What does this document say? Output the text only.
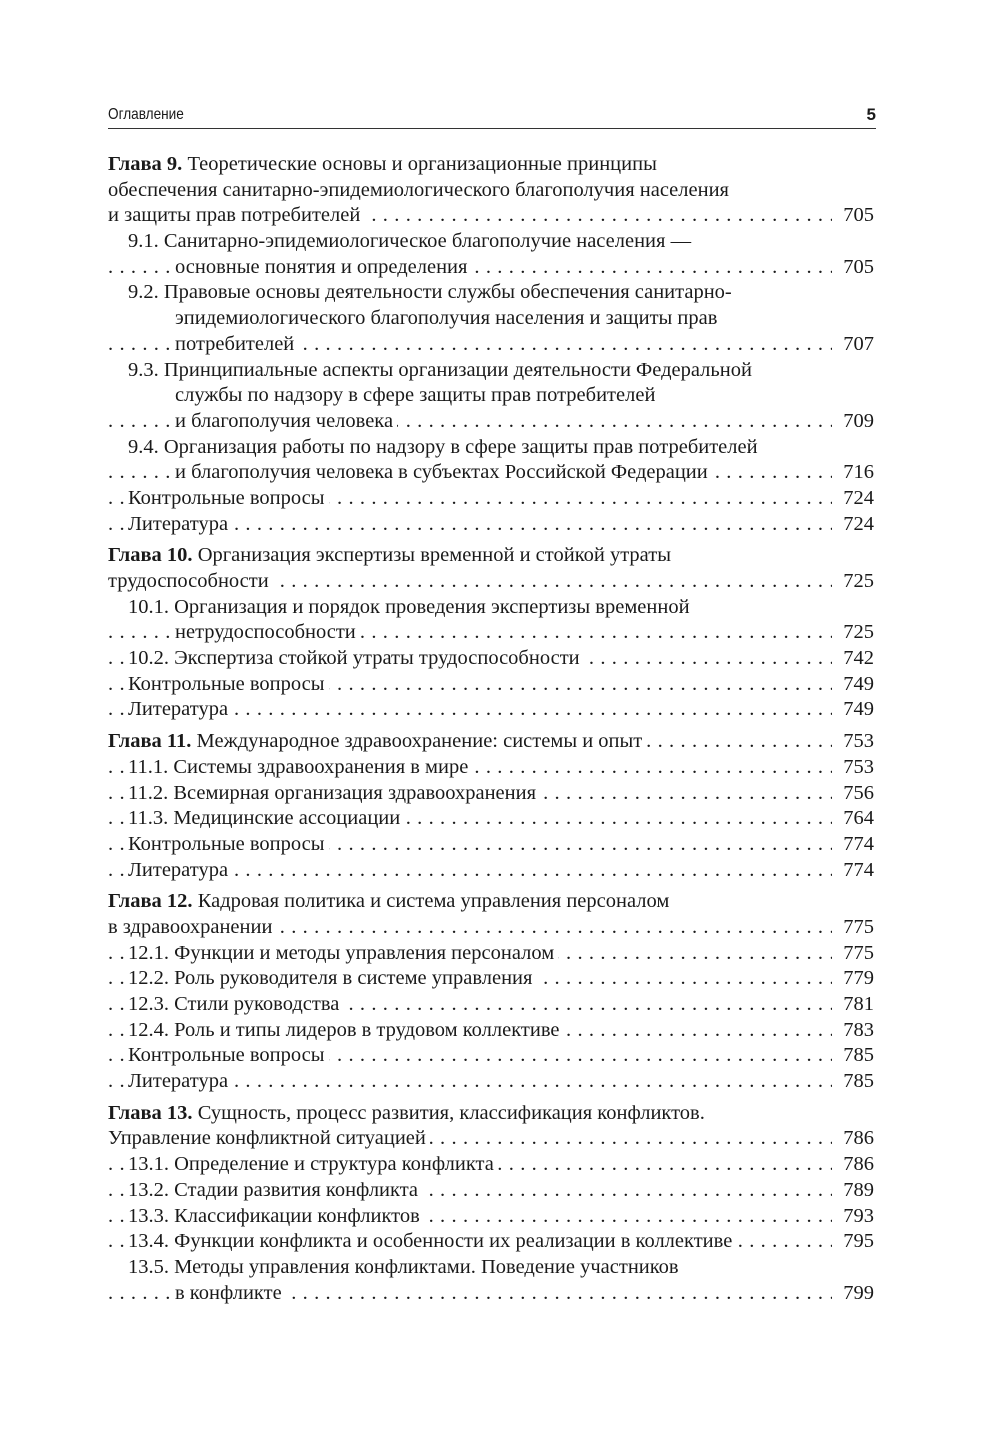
Оглавление	5
Глава 9. Теоретические основы и организационные принципы
обеспечения санитарно-эпидемиологического благополучия населения
и защиты прав потребителей	705
. . .
9.1. Санитарно-эпидемиологическое благополучие населения —
основные понятия и определения	705
. . .
9.2. Правовые основы деятельности службы обеспечения санитарно-
эпидемиологического благополучия населения и защиты прав
потребителей	707
. . .
9.3. Принципиальные аспекты организации деятельности Федеральной
службы по надзору в сфере защиты прав потребителей
и благополучия человека	709
. . .
9.4. Организация работы по надзору в сфере защиты прав потребителей
и благополучия человека в субъектах Российской Федерации	716
. . .
Контрольные вопросы	724
. . .
Литература	724
. . .
Глава 10. Организация экспертизы временной и стойкой утраты
трудоспособности	725
. . .
10.1. Организация и порядок проведения экспертизы временной
нетрудоспособности	725
. . .
10.2. Экспертиза стойкой утраты трудоспособности	742
. . .
Контрольные вопросы	749
. . .
Литература	749
. . .
Глава 11. Международное здравоохранение: системы и опыт	753
. . .
11.1. Системы здравоохранения в мире	753
. . .
11.2. Всемирная организация здравоохранения	756
. . .
11.3. Медицинские ассоциации	764
. . .
Контрольные вопросы	774
. . .
Литература	774
. . .
Глава 12. Кадровая политика и система управления персоналом
в здравоохранении	775
. . .
12.1. Функции и методы управления персоналом	775
. . .
12.2. Роль руководителя в системе управления	779
. . .
12.3. Стили руководства	781
. . .
12.4. Роль и типы лидеров в трудовом коллективе	783
. . .
Контрольные вопросы	785
. . .
Литература	785
. . .
Глава 13. Сущность, процесс развития, классификация конфликтов.
Управление конфликтной ситуацией	786
. . .
13.1. Определение и структура конфликта	786
. . .
13.2. Стадии развития конфликта	789
. . .
13.3. Классификации конфликтов	793
. . .
13.4. Функции конфликта и особенности их реализации в коллективе	795
. . .
13.5. Методы управления конфликтами. Поведение участников
в конфликте	799
. . .
